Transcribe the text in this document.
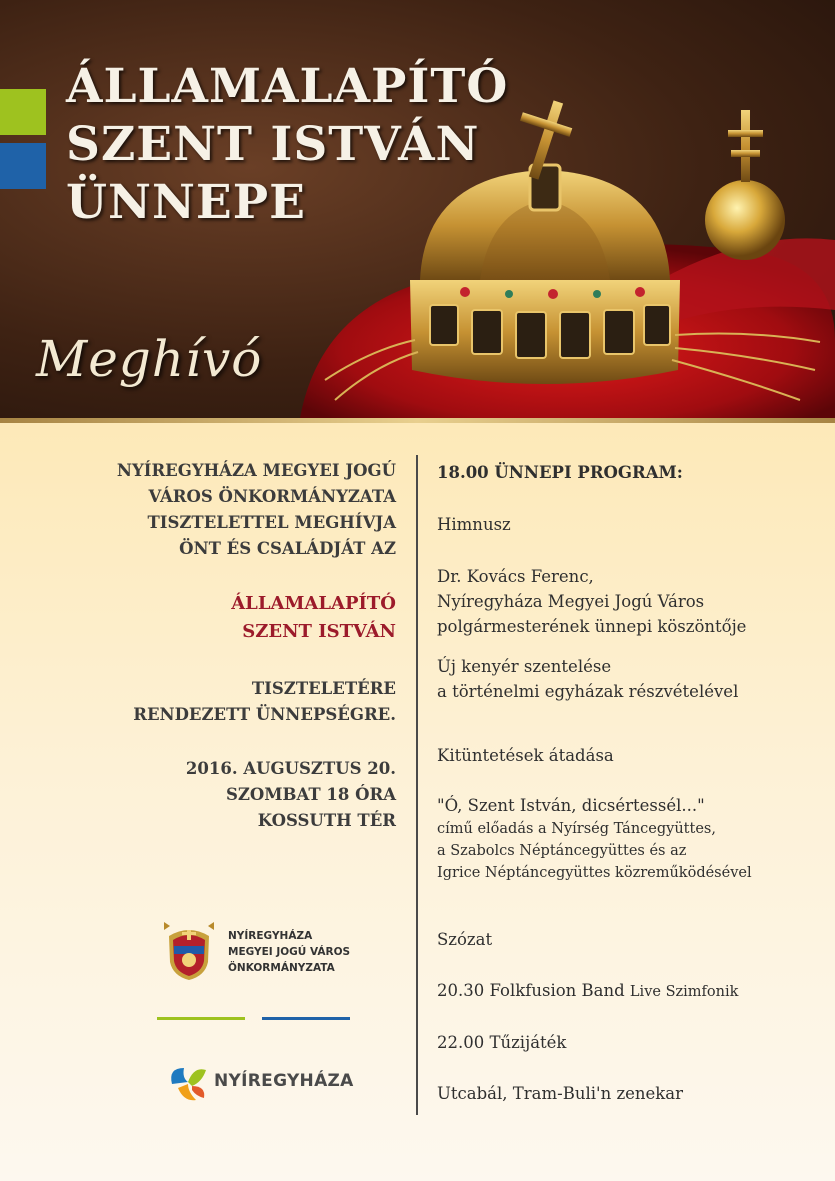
ÁLLAMALAPÍTÓ
SZENT ISTVÁN
ÜNNEPE
Meghívó

NYÍREGYHÁZA MEGYEI JOGÚ

VÁROS ÖNKORMÁNYZATA

TISZTELETTEL MEGHÍVJA

ÖNT ÉS CSALÁDJÁT AZ

ÁLLAMALAPÍTÓ

SZENT ISTVÁN

TISZTELETÉRE

RENDEZETT ÜNNEPSÉGRE.

2016. AUGUSZTUS 20.

SZOMBAT 18 ÓRA

KOSSUTH TÉR

NYÍREGYHÁZA
MEGYEI JOGÚ VÁROS
ÖNKORMÁNYZATA
NYÍREGYHÁZA

18.00 ÜNNEPI PROGRAM:

Himnusz

Dr. Kovács Ferenc,

Nyíregyháza Megyei Jogú Város

polgármesterének ünnepi köszöntője

Új kenyér szentelése

a történelmi egyházak részvételével

Kitüntetések átadása

"Ó, Szent István, dicsértessél..."

című előadás a Nyírség Táncegyüttes,

a Szabolcs Néptáncegyüttes és az

Igrice Néptáncegyüttes közreműködésével

Szózat

20.30 Folkfusion Band Live Szimfonik

22.00 Tűzijáték

Utcabál, Tram-Buli'n zenekar
